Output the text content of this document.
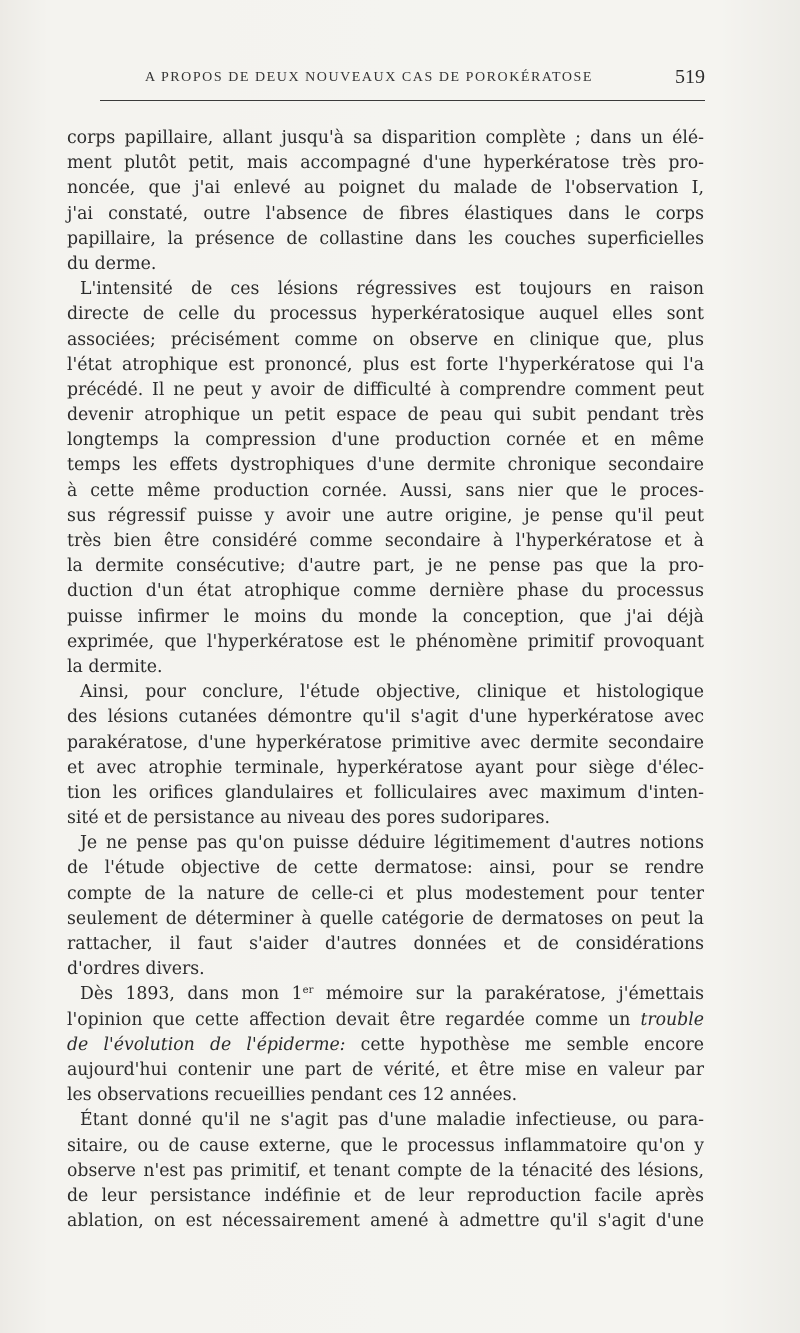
A PROPOS DE DEUX NOUVEAUX CAS DE POROKÉRATOSE	519

corps papillaire, allant jusqu'à sa disparition complète ; dans un élé-
ment plutôt petit, mais accompagné d'une hyperkératose très pro-
noncée, que j'ai enlevé au poignet du malade de l'observation I,
j'ai constaté, outre l'absence de fibres élastiques dans le corps
papillaire, la présence de collastine dans les couches superficielles
du derme.

L'intensité de ces lésions régressives est toujours en raison
directe de celle du processus hyperkératosique auquel elles sont
associées; précisément comme on observe en clinique que, plus
l'état atrophique est prononcé, plus est forte l'hyperkératose qui l'a
précédé. Il ne peut y avoir de difficulté à comprendre comment peut
devenir atrophique un petit espace de peau qui subit pendant très
longtemps la compression d'une production cornée et en même
temps les effets dystrophiques d'une dermite chronique secondaire
à cette même production cornée. Aussi, sans nier que le proces-
sus régressif puisse y avoir une autre origine, je pense qu'il peut
très bien être considéré comme secondaire à l'hyperkératose et à
la dermite consécutive; d'autre part, je ne pense pas que la pro-
duction d'un état atrophique comme dernière phase du processus
puisse infirmer le moins du monde la conception, que j'ai déjà
exprimée, que l'hyperkératose est le phénomène primitif provoquant
la dermite.

Ainsi, pour conclure, l'étude objective, clinique et histologique
des lésions cutanées démontre qu'il s'agit d'une hyperkératose avec
parakératose, d'une hyperkératose primitive avec dermite secondaire
et avec atrophie terminale, hyperkératose ayant pour siège d'élec-
tion les orifices glandulaires et folliculaires avec maximum d'inten-
sité et de persistance au niveau des pores sudoripares.

Je ne pense pas qu'on puisse déduire légitimement d'autres notions
de l'étude objective de cette dermatose: ainsi, pour se rendre
compte de la nature de celle-ci et plus modestement pour tenter
seulement de déterminer à quelle catégorie de dermatoses on peut la
rattacher, il faut s'aider d'autres données et de considérations
d'ordres divers.

Dès 1893, dans mon 1er mémoire sur la parakératose, j'émettais
l'opinion que cette affection devait être regardée comme un trouble
de l'évolution de l'épiderme: cette hypothèse me semble encore
aujourd'hui contenir une part de vérité, et être mise en valeur par
les observations recueillies pendant ces 12 années.

Étant donné qu'il ne s'agit pas d'une maladie infectieuse, ou para-
sitaire, ou de cause externe, que le processus inflammatoire qu'on y
observe n'est pas primitif, et tenant compte de la ténacité des lésions,
de leur persistance indéfinie et de leur reproduction facile après
ablation, on est nécessairement amené à admettre qu'il s'agit d'une
